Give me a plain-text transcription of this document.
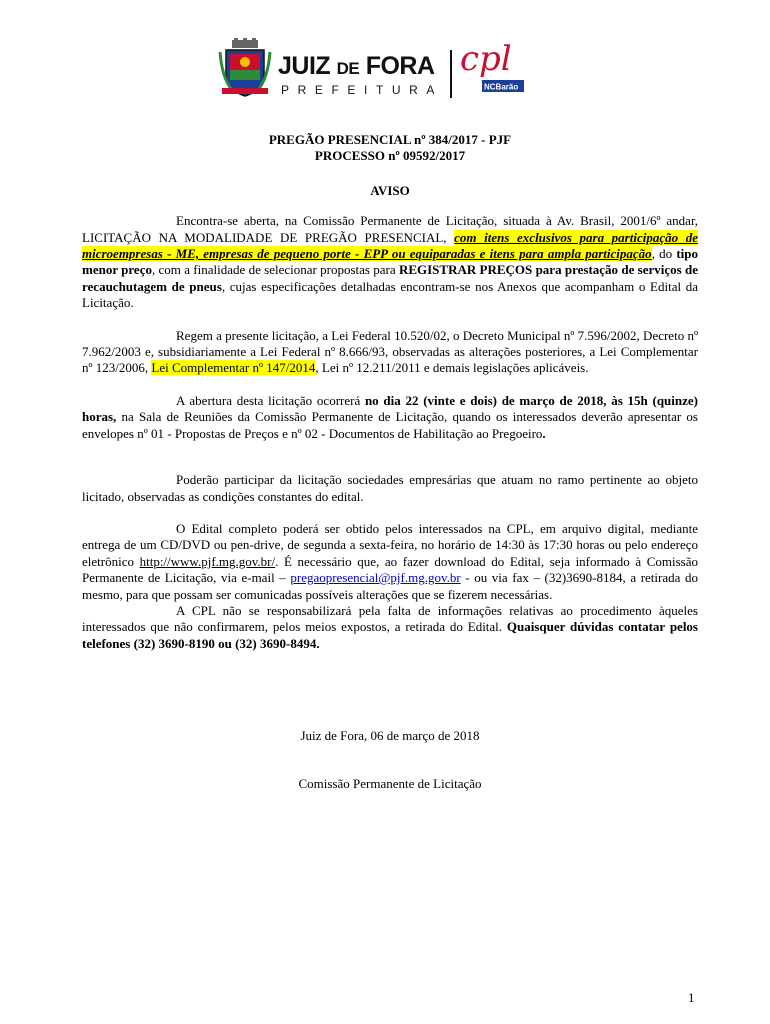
JUIZ DE FORA
PREFEITURA
cpl
NCBarão
PREGÃO PRESENCIAL nº 384/2017 - PJF
PROCESSO nº 09592/2017
AVISO

Encontra-se aberta, na Comissão Permanente de Licitação, situada à Av. Brasil, 2001/6º andar, LICITAÇÃO NA MODALIDADE DE PREGÃO PRESENCIAL, com itens exclusivos para participação de microempresas - ME, empresas de pequeno porte - EPP ou equiparadas e itens para ampla participação, do tipo menor preço, com a finalidade de selecionar propostas para REGISTRAR PREÇOS para prestação de serviços de recauchutagem de pneus, cujas especificações detalhadas encontram-se nos Anexos que acompanham o Edital da Licitação.

Regem a presente licitação, a Lei Federal 10.520/02, o Decreto Municipal nº 7.596/2002, Decreto nº 7.962/2003 e, subsidiariamente a Lei Federal nº 8.666/93, observadas as alterações posteriores, a Lei Complementar nº 123/2006, Lei Complementar nº 147/2014, Lei nº 12.211/2011 e demais legislações aplicáveis.

A abertura desta licitação ocorrerá no dia 22 (vinte e dois) de março de 2018, às 15h (quinze) horas, na Sala de Reuniões da Comissão Permanente de Licitação, quando os interessados deverão apresentar os envelopes nº 01 - Propostas de Preços e nº 02 - Documentos de Habilitação ao Pregoeiro.

Poderão participar da licitação sociedades empresárias que atuam no ramo pertinente ao objeto licitado, observadas as condições constantes do edital.

O Edital completo poderá ser obtido pelos interessados na CPL, em arquivo digital, mediante entrega de um CD/DVD ou pen-drive, de segunda a sexta-feira, no horário de 14:30 às 17:30 horas ou pelo endereço eletrônico http://www.pjf.mg.gov.br/. É necessário que, ao fazer download do Edital, seja informado à Comissão Permanente de Licitação, via e-mail – pregaopresencial@pjf.mg.gov.br - ou via fax – (32)3690-8184, a retirada do mesmo, para que possam ser comunicadas possíveis alterações que se fizerem necessárias.

A CPL não se responsabilizará pela falta de informações relativas ao procedimento àqueles interessados que não confirmarem, pelos meios expostos, a retirada do Edital. Quaisquer dúvidas contatar pelos telefones (32) 3690-8190 ou (32) 3690-8494.

Juiz de Fora, 06 de março de 2018
Comissão Permanente de Licitação
1
